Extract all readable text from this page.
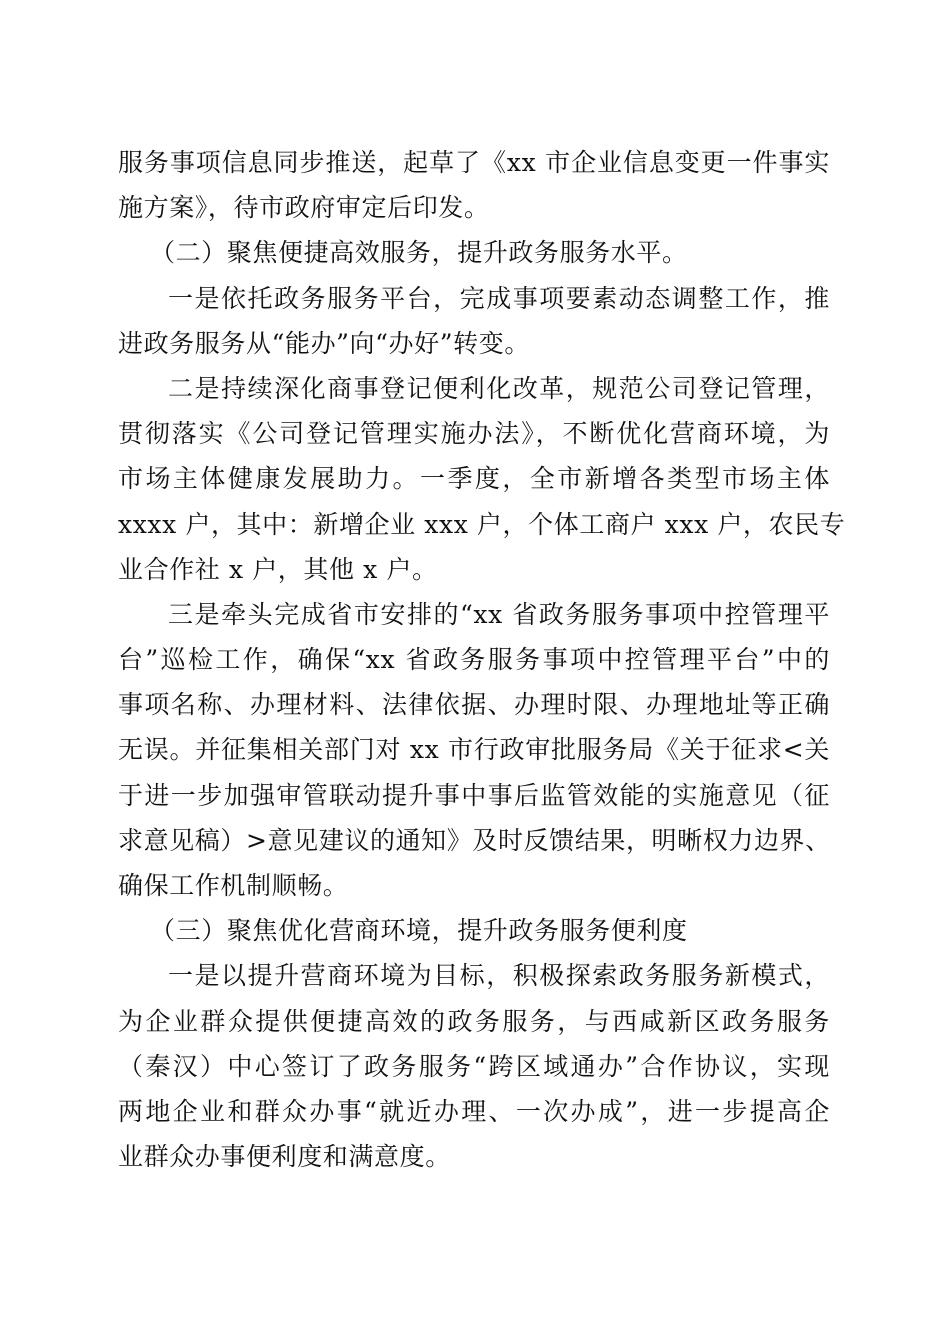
服务事项信息同步推送，起草了《xx 市企业信息变更一件事实
施方案》，待市政府审定后印发。
（二）聚焦便捷高效服务，提升政务服务水平。
一是依托政务服务平台，完成事项要素动态调整工作，推
进政务服务从“能办”向“办好”转变。
二是持续深化商事登记便利化改革，规范公司登记管理，
贯彻落实《公司登记管理实施办法》，不断优化营商环境，为
市场主体健康发展助力。一季度，全市新增各类型市场主体
xxxx 户，其中：新增企业 xxx 户，个体工商户 xxx 户，农民专
业合作社 x 户，其他 x 户。
三是牵头完成省市安排的“xx 省政务服务事项中控管理平
台”巡检工作，确保“xx 省政务服务事项中控管理平台”中的
事项名称、办理材料、法律依据、办理时限、办理地址等正确
无误。并征集相关部门对 xx 市行政审批服务局《关于征求<关
于进一步加强审管联动提升事中事后监管效能的实施意见（征
求意见稿）>意见建议的通知》及时反馈结果，明晰权力边界、
确保工作机制顺畅。
（三）聚焦优化营商环境，提升政务服务便利度
一是以提升营商环境为目标，积极探索政务服务新模式，
为企业群众提供便捷高效的政务服务，与西咸新区政务服务
（秦汉）中心签订了政务服务“跨区域通办”合作协议，实现
两地企业和群众办事“就近办理、一次办成”，进一步提高企
业群众办事便利度和满意度。
